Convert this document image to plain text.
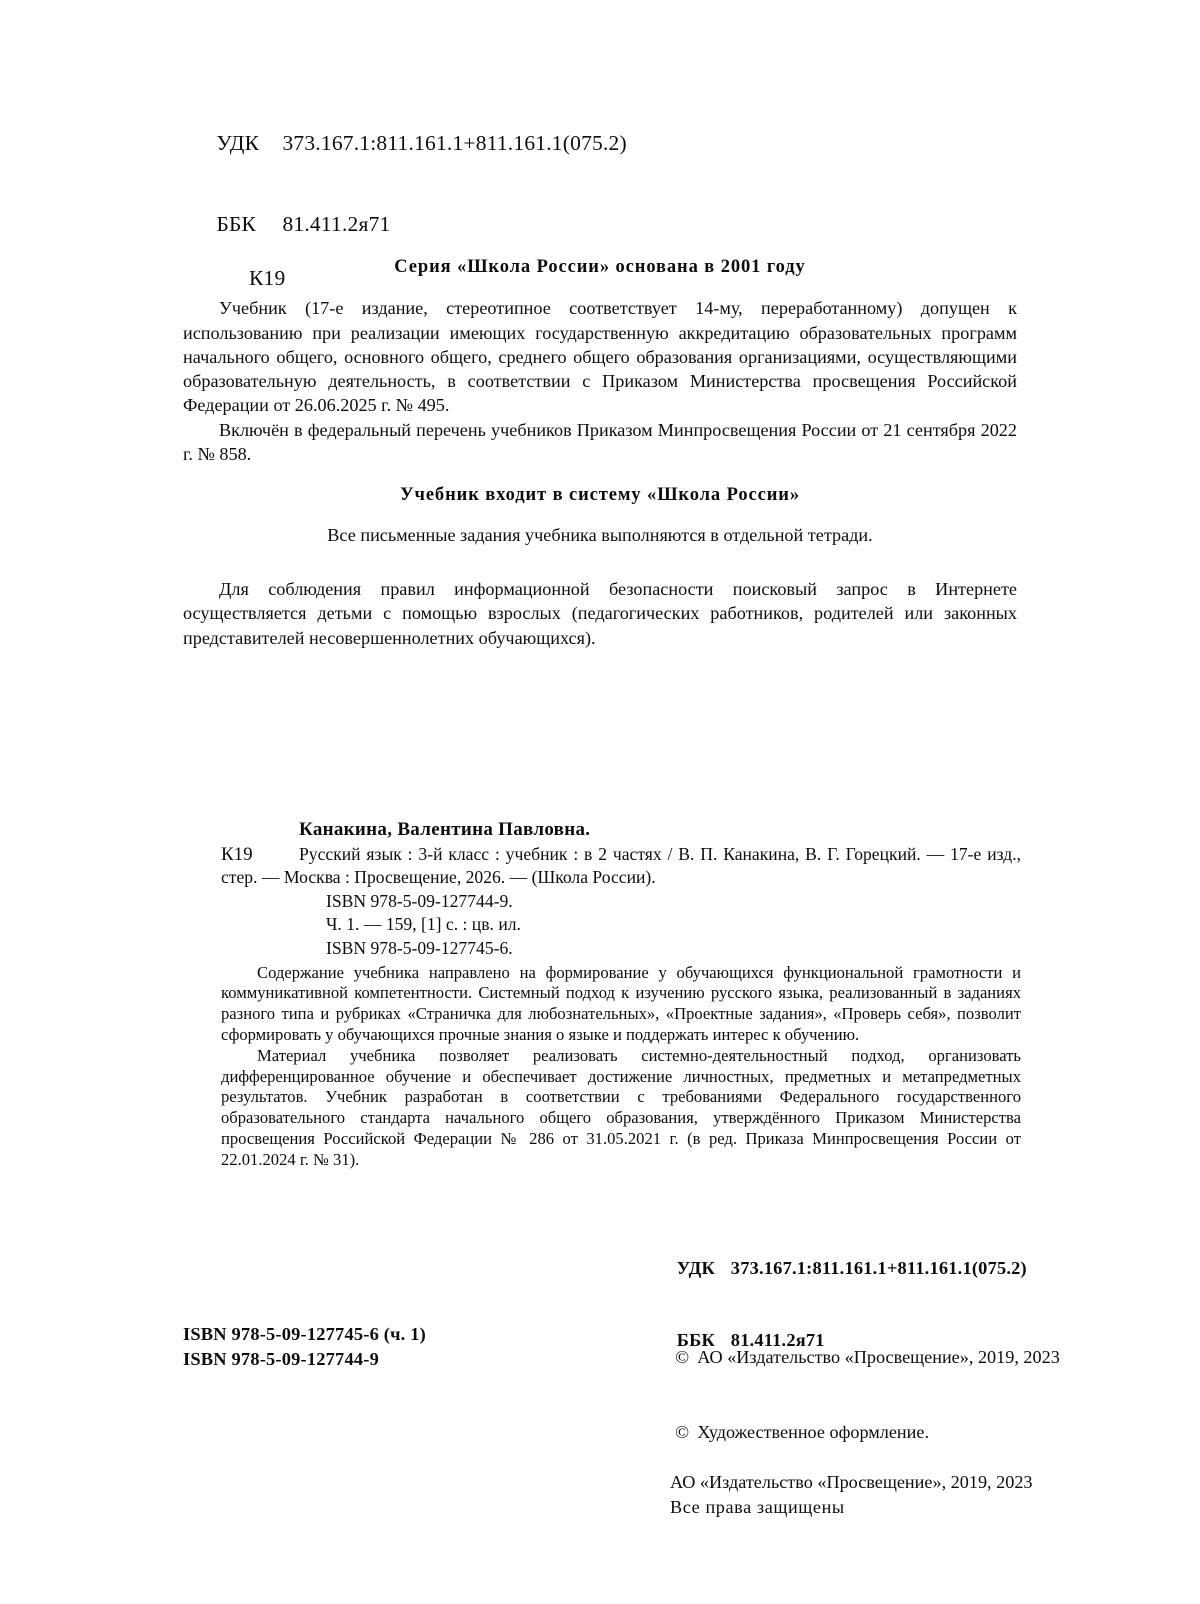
УДК 373.167.1:811.161.1+811.161.1(075.2)

ББК 81.411.2я71

К19	Серия «Школа России» основана в 2001 году

Учебник (17-е издание, стереотипное соответствует 14-му, переработанному) допущен к использованию при реализации имеющих государственную аккредитацию образовательных программ начального общего, основного общего, среднего общего образования организациями, осуществляющими образовательную деятельность, в соответствии с Приказом Министерства просвещения Российской Федерации от 26.06.2025 г. № 495.

Включён в федеральный перечень учебников Приказом Минпросвещения России от 21 сентября 2022 г. № 858.

Учебник входит в систему «Школа России»

Все письменные задания учебника выполняются в отдельной тетради.

Для соблюдения правил информационной безопасности поисковый запрос в Интернете осуществляется детьми с помощью взрослых (педагогических работников, родителей или законных представителей несовершеннолетних обучающихся).

Канакина, Валентина Павловна.
К19	Русский язык : 3-й класс : учебник : в 2 частях / В. П. Канакина, В. Г. Горецкий. — 17-е изд., стер. — Москва : Просвещение, 2026. — (Школа России).
ISBN 978-5-09-127744-9.
Ч. 1. — 159, [1] с. : цв. ил.
ISBN 978-5-09-127745-6.

Содержание учебника направлено на формирование у обучающихся функциональной грамотности и коммуникативной компетентности. Системный подход к изучению русского языка, реализованный в заданиях разного типа и рубриках «Страничка для любознательных», «Проектные задания», «Проверь себя», позволит сформировать у обучающихся прочные знания о языке и поддержать интерес к обучению.

Материал учебника позволяет реализовать системно-деятельностный подход, организовать дифференцированное обучение и обеспечивает достижение личностных, предметных и метапредметных результатов. Учебник разработан в соответствии с требованиями Федерального государственного образовательного стандарта начального общего образования, утверждённого Приказом Министерства просвещения Российской Федерации № 286 от 31.05.2021 г. (в ред. Приказа Минпросвещения России от 22.01.2024 г. № 31).

УДК 373.167.1:811.161.1+811.161.1(075.2)

ББК 81.411.2я71

ISBN 978-5-09-127745-6 (ч. 1)
ISBN 978-5-09-127744-9	© АО «Издательство «Просвещение», 2019, 2023

© Художественное оформление.

АО «Издательство «Просвещение», 2019, 2023
Все права защищены
